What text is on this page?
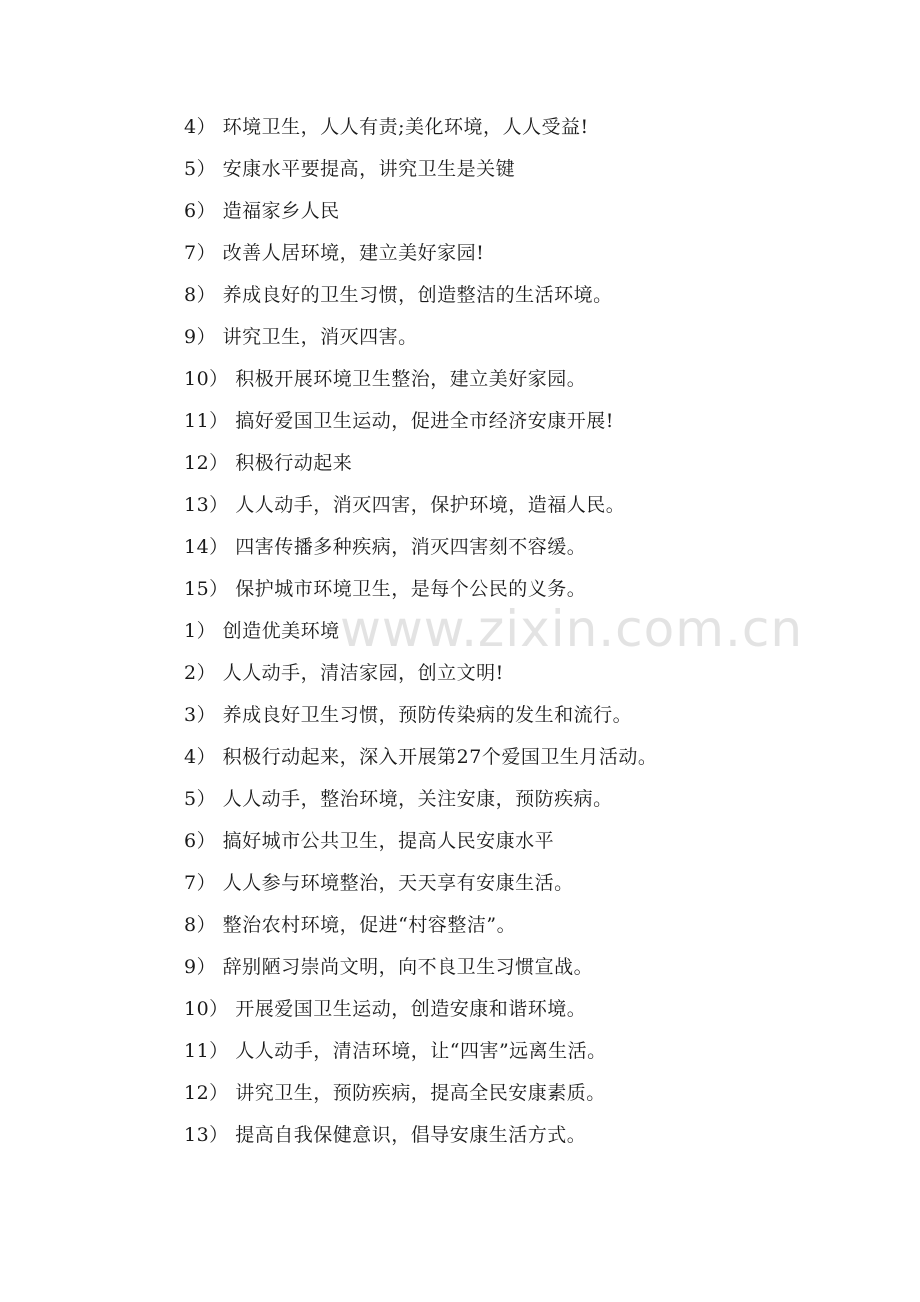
4） 环境卫生，人人有责;美化环境，人人受益!
5） 安康水平要提高，讲究卫生是关键
6） 造福家乡人民
7） 改善人居环境，建立美好家园!
8） 养成良好的卫生习惯，创造整洁的生活环境。
9） 讲究卫生，消灭四害。
10） 积极开展环境卫生整治，建立美好家园。
11） 搞好爱国卫生运动，促进全市经济安康开展!
12） 积极行动起来
13） 人人动手，消灭四害，保护环境，造福人民。
14） 四害传播多种疾病，消灭四害刻不容缓。
15） 保护城市环境卫生，是每个公民的义务。
1） 创造优美环境
2） 人人动手，清洁家园，创立文明!
3） 养成良好卫生习惯，预防传染病的发生和流行。
4） 积极行动起来，深入开展第27个爱国卫生月活动。
5） 人人动手，整治环境，关注安康，预防疾病。
6） 搞好城市公共卫生，提高人民安康水平
7） 人人参与环境整治，天天享有安康生活。
8） 整治农村环境，促进“村容整洁”。
9） 辞别陋习崇尚文明，向不良卫生习惯宣战。
10） 开展爱国卫生运动，创造安康和谐环境。
11） 人人动手，清洁环境，让“四害”远离生活。
12） 讲究卫生，预防疾病，提高全民安康素质。
13） 提高自我保健意识，倡导安康生活方式。
www.zixin.com.cn
